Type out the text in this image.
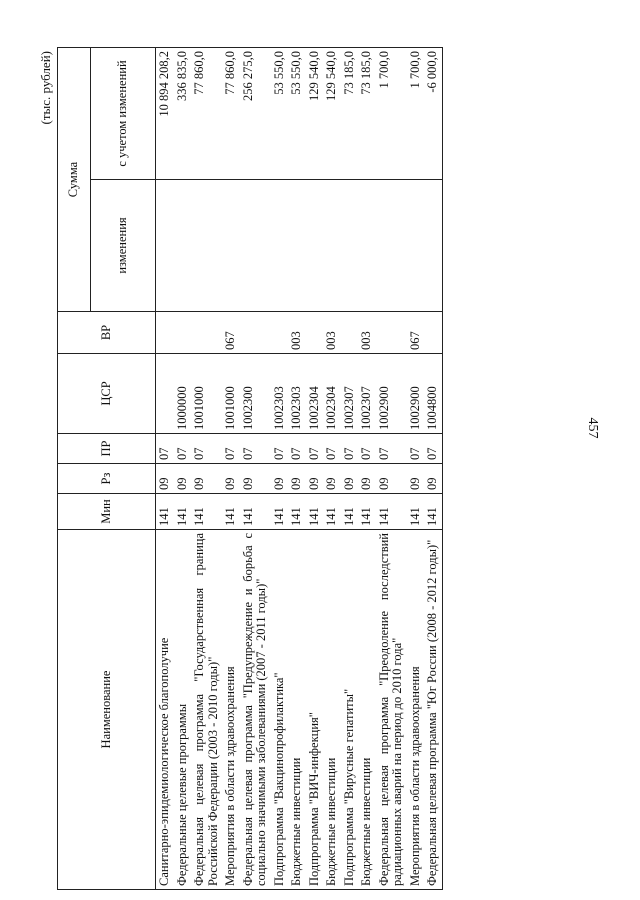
457
(тыс. рублей)
Наименование	Мин	Рз	ПР	ЦСР	ВР	Сумма	
						изменения	с учетом изменений
Санитарно-эпидемиологическое благополучие	141	09	07				10 894 208,2
Федеральные целевые программы	141	09	07	1000000			336 835,0
Федеральная целевая программа "Государственная граница Российской Федерации (2003 - 2010 годы)"	141	09	07	1001000			77 860,0
Мероприятия в области здравоохранения	141	09	07	1001000	067		77 860,0
Федеральная целевая программа "Предупреждение и борьба с социально значимыми заболеваниями (2007 - 2011 годы)"	141	09	07	1002300			256 275,0
Подпрограмма "Вакцинопрофилактика"	141	09	07	1002303			53 550,0
Бюджетные инвестиции	141	09	07	1002303	003		53 550,0
Подпрограмма "ВИЧ-инфекция"	141	09	07	1002304			129 540,0
Бюджетные инвестиции	141	09	07	1002304	003		129 540,0
Подпрограмма "Вирусные гепатиты"	141	09	07	1002307			73 185,0
Бюджетные инвестиции	141	09	07	1002307	003		73 185,0
Федеральная целевая программа "Преодоление последствий радиационных аварий на период до 2010 года"	141	09	07	1002900			1 700,0
Мероприятия в области здравоохранения	141	09	07	1002900	067		1 700,0
Федеральная целевая программа "Юг России (2008 - 2012 годы)"	141	09	07	1004800			-6 000,0
